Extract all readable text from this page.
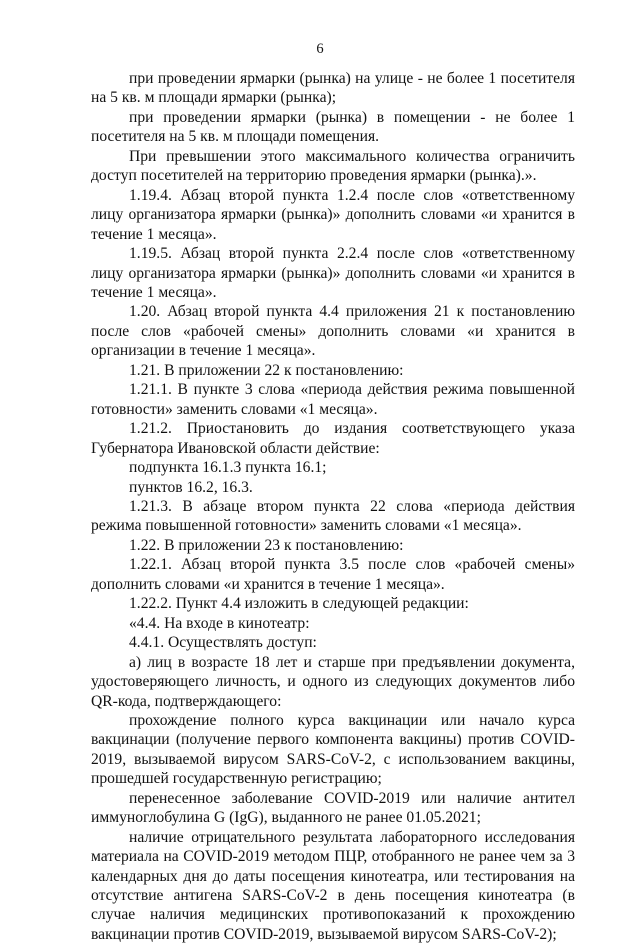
6

при проведении ярмарки (рынка) на улице - не более 1 посетителя на 5 кв. м площади ярмарки (рынка);

при проведении ярмарки (рынка) в помещении - не более 1 посетителя на 5 кв. м площади помещения.

При превышении этого максимального количества ограничить доступ посетителей на территорию проведения ярмарки (рынка).».

1.19.4. Абзац второй пункта 1.2.4 после слов «ответственному лицу организатора ярмарки (рынка)» дополнить словами «и хранится в течение 1 месяца».

1.19.5. Абзац второй пункта 2.2.4 после слов «ответственному лицу организатора ярмарки (рынка)» дополнить словами «и хранится в течение 1 месяца».

1.20. Абзац второй пункта 4.4 приложения 21 к постановлению после слов «рабочей смены» дополнить словами «и хранится в организации в течение 1 месяца».

1.21. В приложении 22 к постановлению:

1.21.1. В пункте 3 слова «периода действия режима повышенной готовности» заменить словами «1 месяца».

1.21.2. Приостановить до издания соответствующего указа Губернатора Ивановской области действие:

подпункта 16.1.3 пункта 16.1;

пунктов 16.2, 16.3.

1.21.3. В абзаце втором пункта 22 слова «периода действия режима повышенной готовности» заменить словами «1 месяца».

1.22. В приложении 23 к постановлению:

1.22.1. Абзац второй пункта 3.5 после слов «рабочей смены» дополнить словами «и хранится в течение 1 месяца».

1.22.2. Пункт 4.4 изложить в следующей редакции:

«4.4. На входе в кинотеатр:

4.4.1. Осуществлять доступ:

а) лиц в возрасте 18 лет и старше при предъявлении документа, удостоверяющего личность, и одного из следующих документов либо QR-кода, подтверждающего:

прохождение полного курса вакцинации или начало курса вакцинации (получение первого компонента вакцины) против COVID-2019, вызываемой вирусом SARS-CoV-2, с использованием вакцины, прошедшей государственную регистрацию;

перенесенное заболевание COVID-2019 или наличие антител иммуноглобулина G (IgG), выданного не ранее 01.05.2021;

наличие отрицательного результата лабораторного исследования материала на COVID-2019 методом ПЦР, отобранного не ранее чем за 3 календарных дня до даты посещения кинотеатра, или тестирования на отсутствие антигена SARS-CoV-2 в день посещения кинотеатра (в случае наличия медицинских противопоказаний к прохождению вакцинации против COVID-2019, вызываемой вирусом SARS-CoV-2);
